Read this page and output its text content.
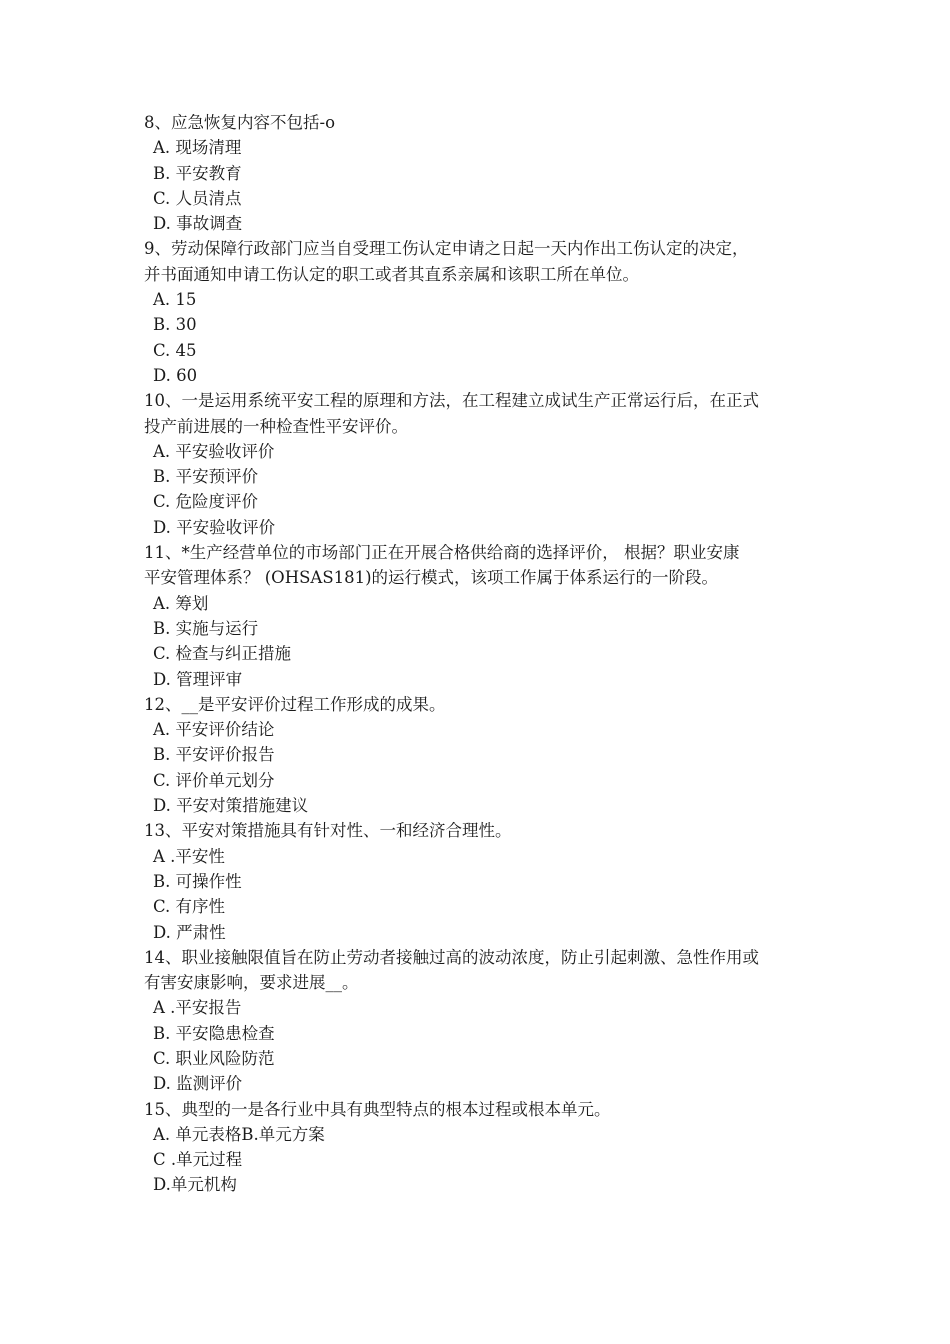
8、应急恢复内容不包括-o
A. 现场清理
B. 平安教育
C. 人员清点
D. 事故调查
9、劳动保障行政部门应当自受理工伤认定申请之日起一天内作出工伤认定的决定，
并书面通知申请工伤认定的职工或者其直系亲属和该职工所在单位。
A. 15
B. 30
C. 45
D. 60
10、一是运用系统平安工程的原理和方法，在工程建立成试生产正常运行后，在正式
投产前进展的一种检查性平安评价。
A. 平安验收评价
B. 平安预评价
C. 危险度评价
D. 平安验收评价
11、*生产经营单位的市场部门正在开展合格供给商的选择评价， 根据？职业安康
平安管理体系？ (OHSAS181)的运行模式，该项工作属于体系运行的一阶段。
A. 筹划
B. 实施与运行
C. 检查与纠正措施
D. 管理评审
12、__是平安评价过程工作形成的成果。
A. 平安评价结论
B. 平安评价报告
C. 评价单元划分
D. 平安对策措施建议
13、平安对策措施具有针对性、一和经济合理性。
A .平安性
B. 可操作性
C. 有序性
D. 严肃性
14、职业接触限值旨在防止劳动者接触过高的波动浓度，防止引起刺激、急性作用或
有害安康影响，要求进展__。
A .平安报告
B. 平安隐患检查
C. 职业风险防范
D. 监测评价
15、典型的一是各行业中具有典型特点的根本过程或根本单元。
A. 单元表格B.单元方案
C .单元过程
D.单元机构
